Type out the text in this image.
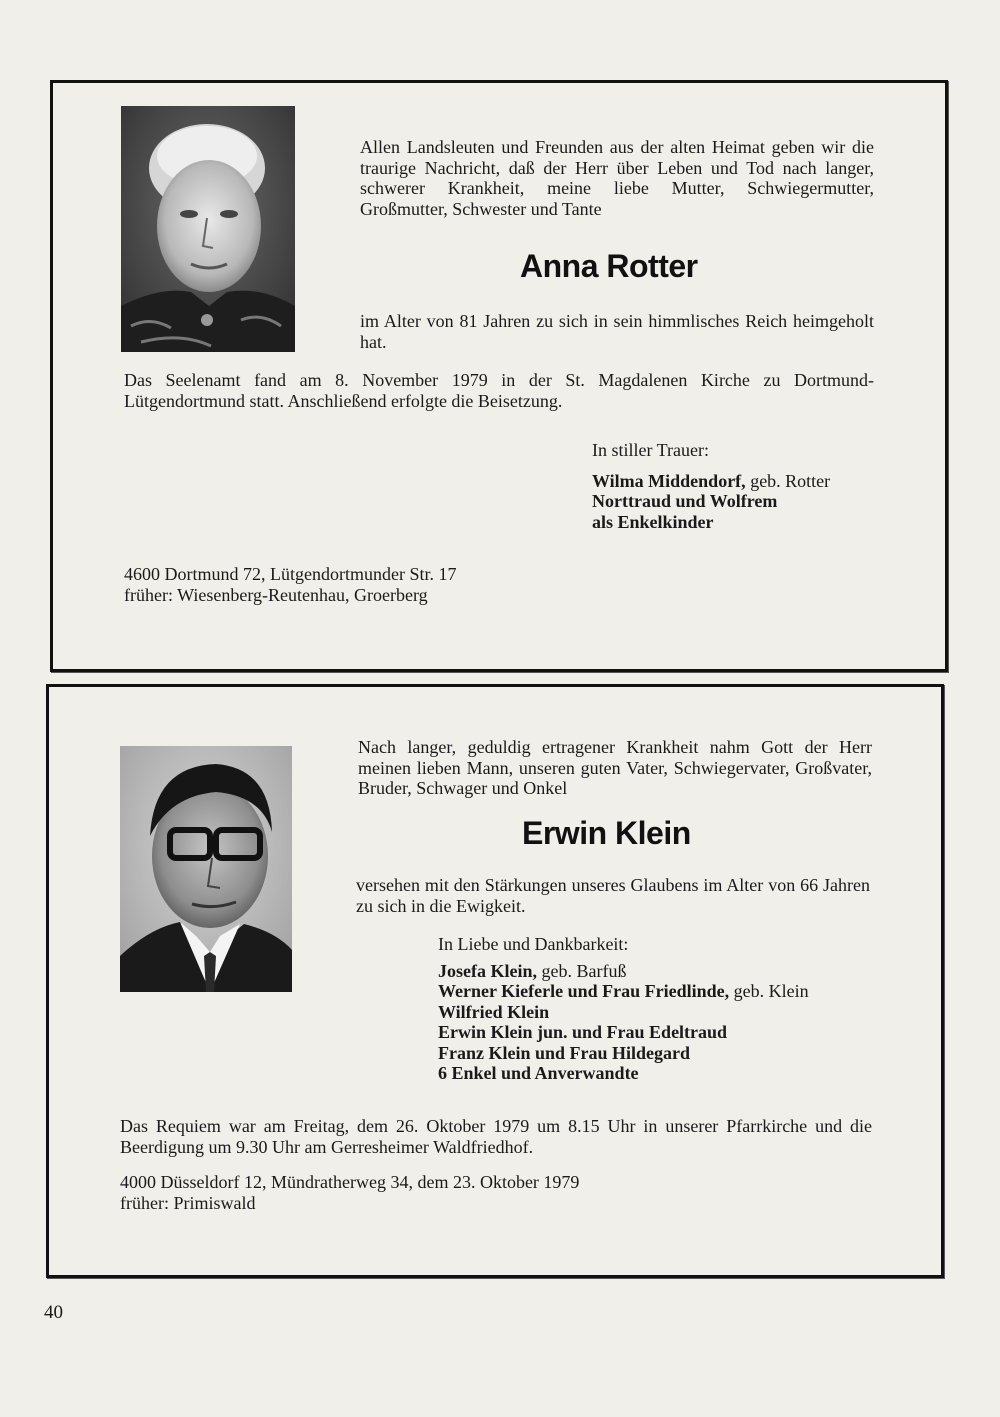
Allen Landsleuten und Freunden aus der alten Heimat geben wir die traurige Nachricht, daß der Herr über Leben und Tod nach langer, schwerer Krankheit, meine liebe Mutter, Schwiegermutter, Großmutter, Schwester und Tante

Anna Rotter

im Alter von 81 Jahren zu sich in sein himmlisches Reich heimgeholt hat.

Das Seelenamt fand am 8. November 1979 in der St. Magdalenen Kirche zu Dortmund-Lütgendortmund statt. Anschließend erfolgte die Beisetzung.

In stiller Trauer:
Wilma Middendorf, geb. Rotter
Norttraud und Wolfrem
als Enkelkinder
4600 Dortmund 72, Lütgendortmunder Str. 17
früher: Wiesenberg-Reutenhau, Groerberg

Nach langer, geduldig ertragener Krankheit nahm Gott der Herr meinen lieben Mann, unseren guten Vater, Schwiegervater, Großvater, Bruder, Schwager und Onkel

Erwin Klein

versehen mit den Stärkungen unseres Glaubens im Alter von 66 Jahren zu sich in die Ewigkeit.

In Liebe und Dankbarkeit:
Josefa Klein, geb. Barfuß
Werner Kieferle und Frau Friedlinde, geb. Klein
Wilfried Klein
Erwin Klein jun. und Frau Edeltraud
Franz Klein und Frau Hildegard
6 Enkel und Anverwandte

Das Requiem war am Freitag, dem 26. Oktober 1979 um 8.15 Uhr in unserer Pfarrkirche und die Beerdigung um 9.30 Uhr am Gerresheimer Waldfriedhof.

4000 Düsseldorf 12, Mündratherweg 34, dem 23. Oktober 1979
früher: Primiswald
40
